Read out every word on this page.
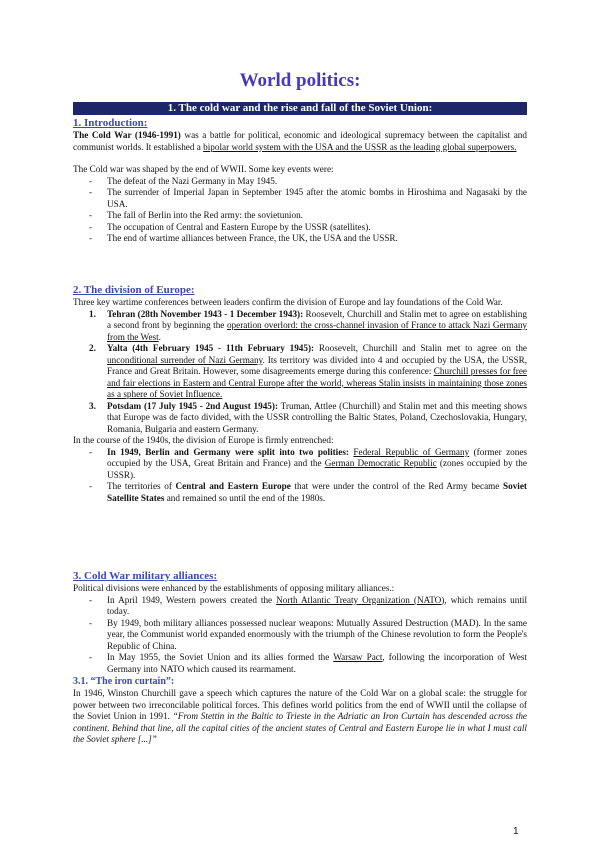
World politics:
1. The cold war and the rise and fall of the Soviet Union:
1. Introduction:
The Cold War (1946-1991) was a battle for political, economic and ideological supremacy between the capitalist and communist worlds. It established a bipolar world system with the USA and the USSR as the leading global superpowers.
The Cold war was shaped by the end of WWII. Some key events were:
- The defeat of the Nazi Germany in May 1945.
- The surrender of Imperial Japan in September 1945 after the atomic bombs in Hiroshima and Nagasaki by the USA.
- The fall of Berlin into the Red army: the sovietunion.
- The occupation of Central and Eastern Europe by the USSR (satellites).
- The end of wartime alliances between France, the UK, the USA and the USSR.
2. The division of Europe:
Three key wartime conferences between leaders confirm the division of Europe and lay foundations of the Cold War.
1. Tehran (28th November 1943 - 1 December 1943): Roosevelt, Churchill and Stalin met to agree on establishing a second front by beginning the operation overlord: the cross-channel invasion of France to attack Nazi Germany from the West.
2. Yalta (4th February 1945 - 11th February 1945): Roosevelt, Churchill and Stalin met to agree on the unconditional surrender of Nazi Germany. Its territory was divided into 4 and occupied by the USA, the USSR, France and Great Britain. However, some disagreements emerge during this conference: Churchill presses for free and fair elections in Eastern and Central Europe after the world, whereas Stalin insists in maintaining those zones as a sphere of Soviet Influence.
3. Potsdam (17 July 1945 - 2nd August 1945): Truman, Attlee (Churchill) and Stalin met and this meeting shows that Europe was de facto divided, with the USSR controlling the Baltic States, Poland, Czechoslovakia, Hungary, Romania, Bulgaria and eastern Germany.
In the course of the 1940s, the division of Europe is firmly entrenched:
- In 1949, Berlin and Germany were split into two polities: Federal Republic of Germany (former zones occupied by the USA, Great Britain and France) and the German Democratic Republic (zones occupied by the USSR).
- The territories of Central and Eastern Europe that were under the control of the Red Army became Soviet Satellite States and remained so until the end of the 1980s.
3. Cold War military alliances:
Political divisions were enhanced by the establishments of opposing military alliances.:
- In April 1949, Western powers created the North Atlantic Treaty Organization (NATO), which remains until today.
- By 1949, both military alliances possessed nuclear weapons: Mutually Assured Destruction (MAD). In the same year, the Communist world expanded enormously with the triumph of the Chinese revolution to form the People's Republic of China.
- In May 1955, the Soviet Union and its allies formed the Warsaw Pact, following the incorporation of West Germany into NATO which caused its rearmament.
3.1. “The iron curtain”:
In 1946, Winston Churchill gave a speech which captures the nature of the Cold War on a global scale: the struggle for power between two irreconcilable political forces. This defines world politics from the end of WWII until the collapse of the Soviet Union in 1991. “From Stettin in the Baltic to Trieste in the Adriatic an Iron Curtain has descended across the continent. Behind that line, all the capital cities of the ancient states of Central and Eastern Europe lie in what I must call the Soviet sphere [...]”
1
